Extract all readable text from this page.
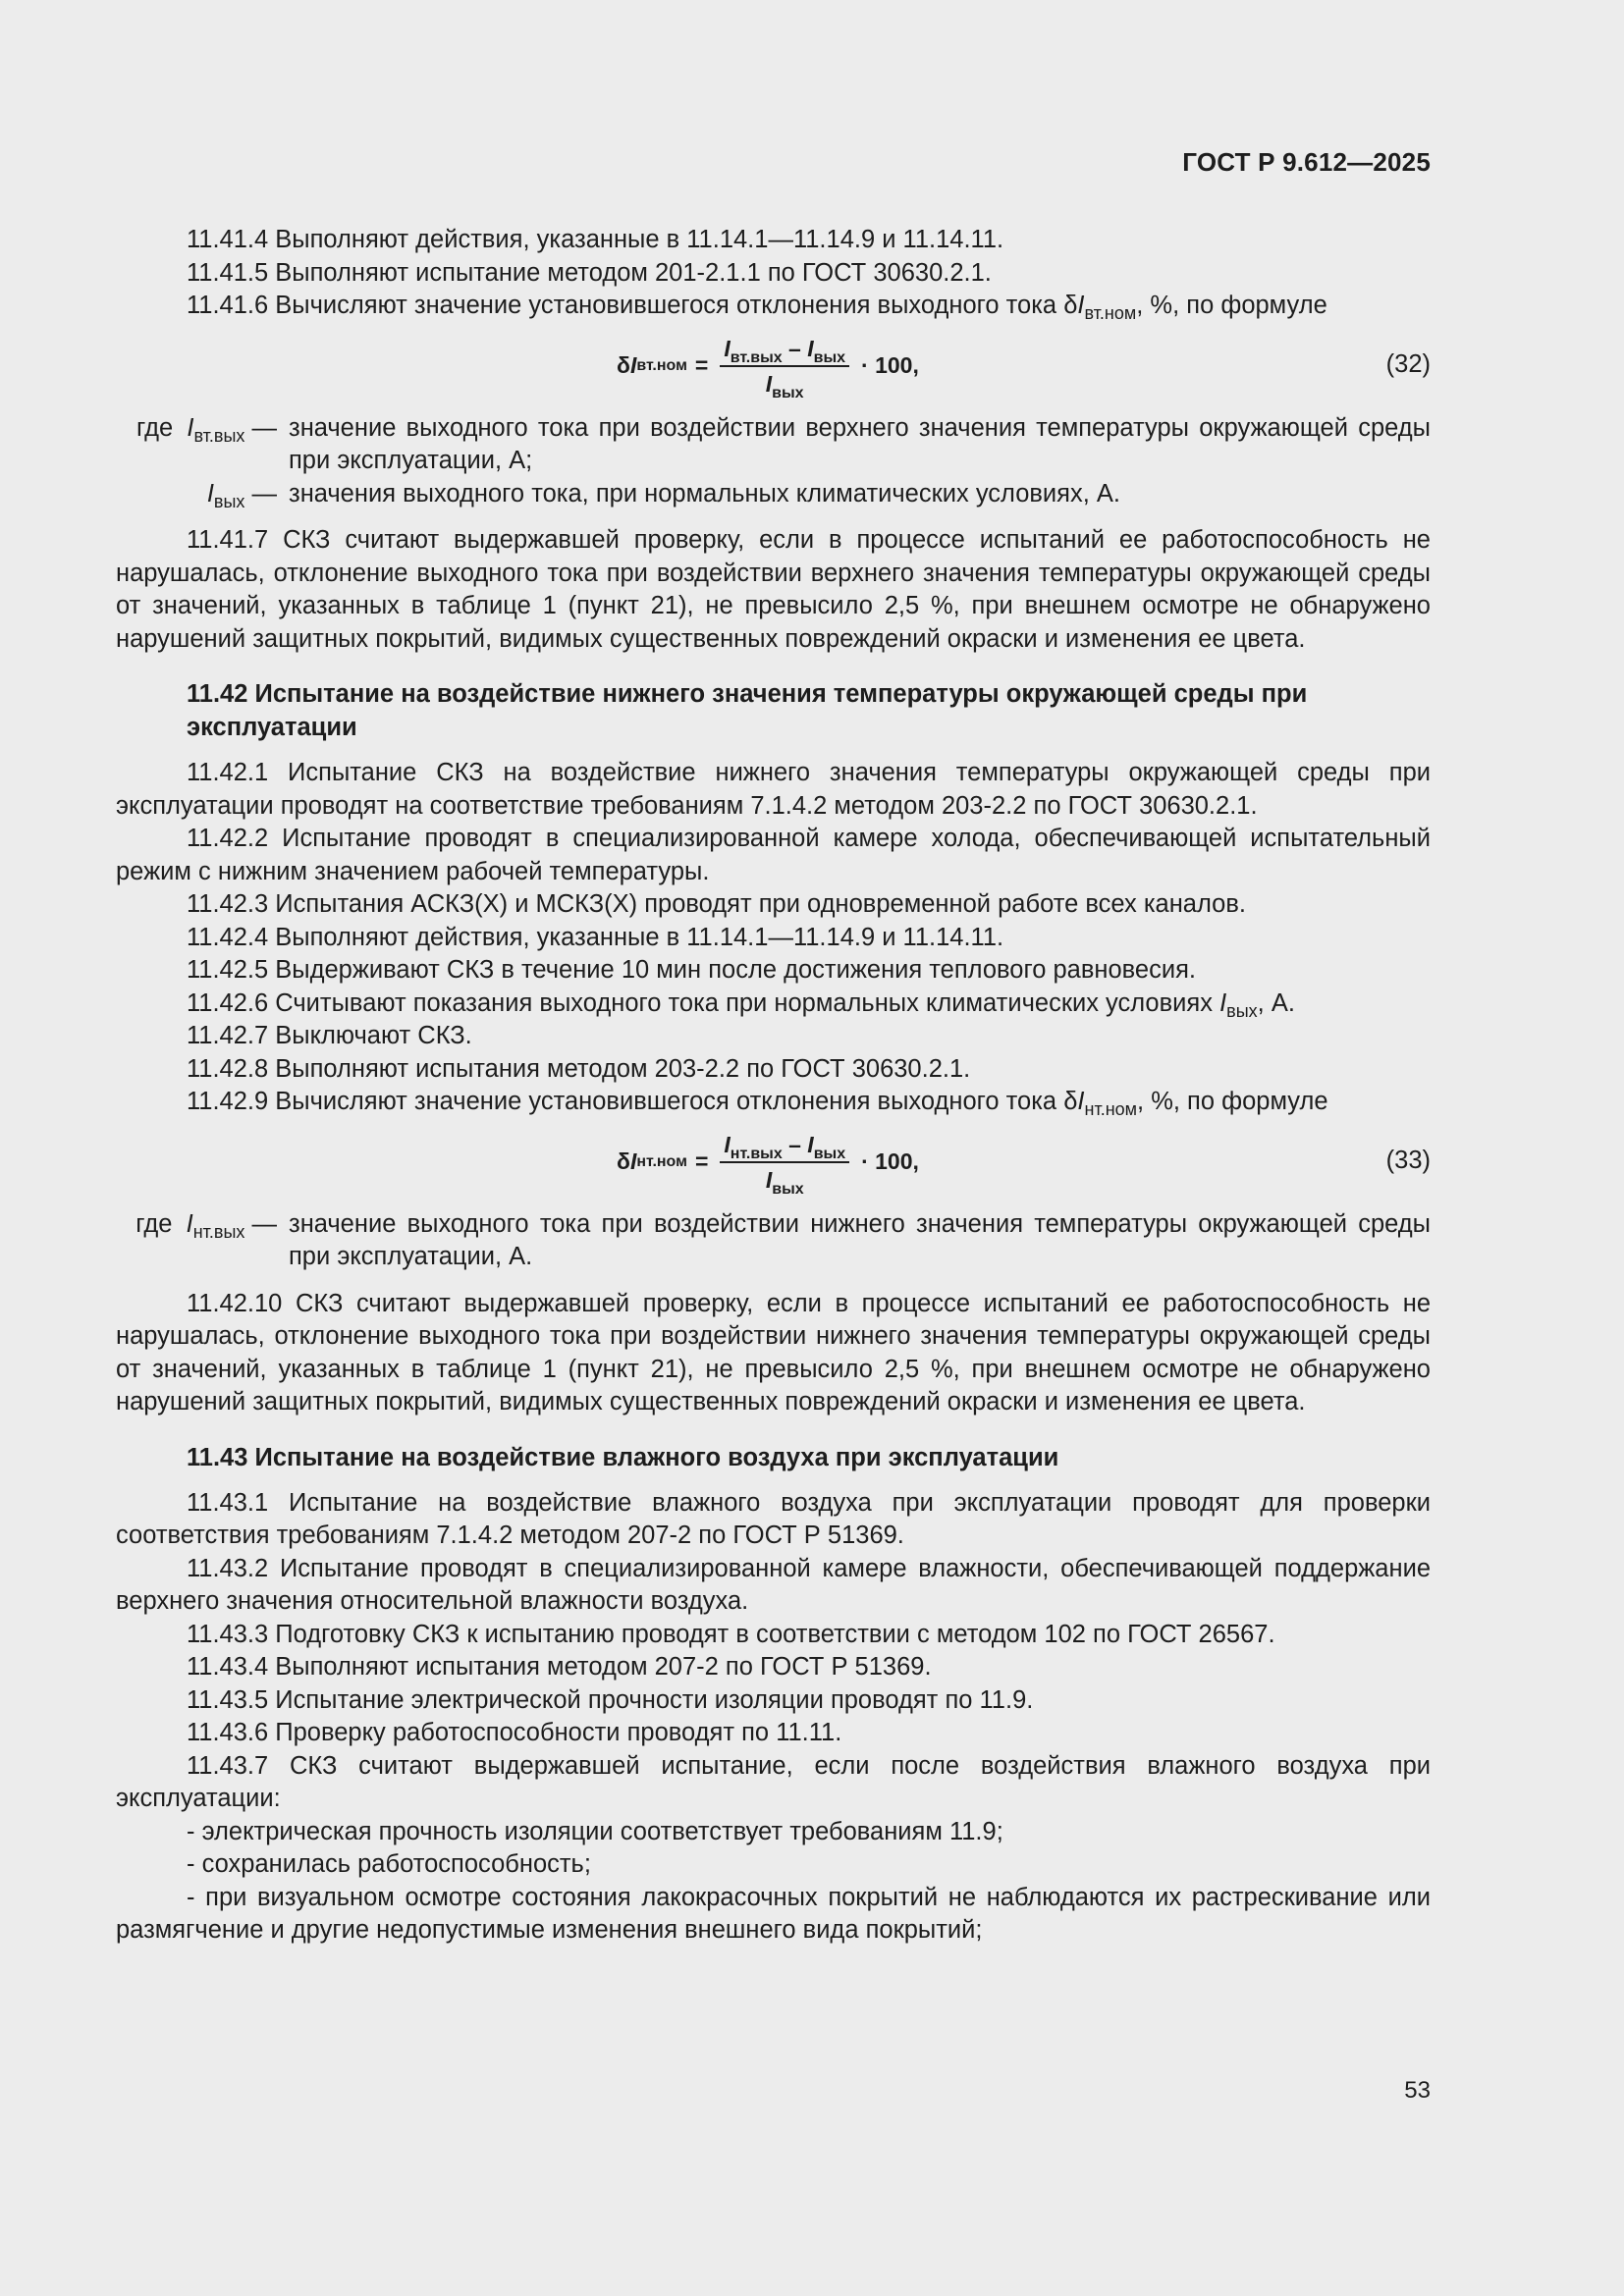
ГОСТ Р 9.612—2025
11.41.4 Выполняют действия, указанные в 11.14.1—11.14.9 и 11.14.11.
11.41.5 Выполняют испытание методом 201-2.1.1 по ГОСТ 30630.2.1.
11.41.6 Вычисляют значение установившегося отклонения выходного тока $\delta I_{вт.ном}$, %, по формуле
δ I $вт.ном = \frac{I_{вт.вых} - I_{вых}}{I_{вых}} \cdot 100$,	(32)
где $I_{вт.вых}$ — значение выходного тока при воздействии верхнего значения температуры окружающей среды при эксплуатации, А;
$I_{вых}$ — значения выходного тока, при нормальных климатических условиях, А.
11.41.7 СКЗ считают выдержавшей проверку, если в процессе испытаний ее работоспособность не нарушалась, отклонение выходного тока при воздействии верхнего значения температуры окружающей среды от значений, указанных в таблице 1 (пункт 21), не превысило 2,5 %, при внешнем осмотре не обнаружено нарушений защитных покрытий, видимых существенных повреждений окраски и изменения ее цвета.
11.42 Испытание на воздействие нижнего значения температуры окружающей среды при эксплуатации
11.42.1 Испытание СКЗ на воздействие нижнего значения температуры окружающей среды при эксплуатации проводят на соответствие требованиям 7.1.4.2 методом 203-2.2 по ГОСТ 30630.2.1.
11.42.2 Испытание проводят в специализированной камере холода, обеспечивающей испытательный режим с нижним значением рабочей температуры.
11.42.3 Испытания АСКЗ(Х) и МСКЗ(Х) проводят при одновременной работе всех каналов.
11.42.4 Выполняют действия, указанные в 11.14.1—11.14.9 и 11.14.11.
11.42.5 Выдерживают СКЗ в течение 10 мин после достижения теплового равновесия.
11.42.6 Считывают показания выходного тока при нормальных климатических условиях $I_{вых}$, А.
11.42.7 Выключают СКЗ.
11.42.8 Выполняют испытания методом 203-2.2 по ГОСТ 30630.2.1.
11.42.9 Вычисляют значение установившегося отклонения выходного тока $\delta I_{нт.ном}$, %, по формуле
δ I $нт.ном = \frac{I_{нт.вых} - I_{вых}}{I_{вых}} \cdot 100$,	(33)
где $I_{нт.вых}$ — значение выходного тока при воздействии нижнего значения температуры окружающей среды при эксплуатации, А.
11.42.10 СКЗ считают выдержавшей проверку, если в процессе испытаний ее работоспособность не нарушалась, отклонение выходного тока при воздействии нижнего значения температуры окружающей среды от значений, указанных в таблице 1 (пункт 21), не превысило 2,5 %, при внешнем осмотре не обнаружено нарушений защитных покрытий, видимых существенных повреждений окраски и изменения ее цвета.
11.43 Испытание на воздействие влажного воздуха при эксплуатации
11.43.1 Испытание на воздействие влажного воздуха при эксплуатации проводят для проверки соответствия требованиям 7.1.4.2 методом 207-2 по ГОСТ Р 51369.
11.43.2 Испытание проводят в специализированной камере влажности, обеспечивающей поддержание верхнего значения относительной влажности воздуха.
11.43.3 Подготовку СКЗ к испытанию проводят в соответствии с методом 102 по ГОСТ 26567.
11.43.4 Выполняют испытания методом 207-2 по ГОСТ Р 51369.
11.43.5 Испытание электрической прочности изоляции проводят по 11.9.
11.43.6 Проверку работоспособности проводят по 11.11.
11.43.7 СКЗ считают выдержавшей испытание, если после воздействия влажного воздуха при эксплуатации:
- электрическая прочность изоляции соответствует требованиям 11.9;
- сохранилась работоспособность;
- при визуальном осмотре состояния лакокрасочных покрытий не наблюдаются их растрескивание или размягчение и другие недопустимые изменения внешнего вида покрытий;
53
